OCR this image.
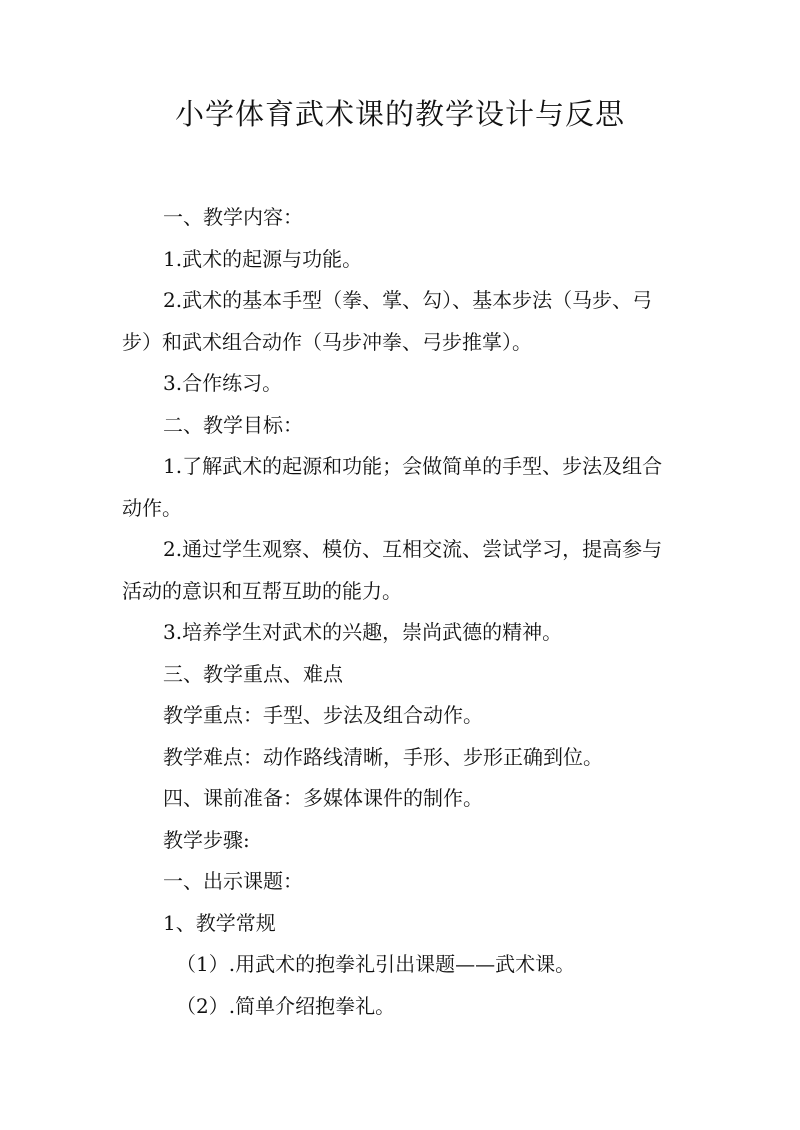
小学体育武术课的教学设计与反思

一、教学内容：

1.武术的起源与功能。

2.武术的基本手型（拳、掌、勾）、基本步法（马步、弓步）和武术组合动作（马步冲拳、弓步推掌）。

3.合作练习。

二、教学目标：

1.了解武术的起源和功能；会做简单的手型、步法及组合动作。

2.通过学生观察、模仿、互相交流、尝试学习，提高参与活动的意识和互帮互助的能力。

3.培养学生对武术的兴趣，崇尚武德的精神。

三、教学重点、难点

教学重点：手型、步法及组合动作。

教学难点：动作路线清晰，手形、步形正确到位。

四、课前准备：多媒体课件的制作。

教学步骤:

一、出示课题：

1、教学常规

（1）.用武术的抱拳礼引出课题——武术课。

（2）.简单介绍抱拳礼。
